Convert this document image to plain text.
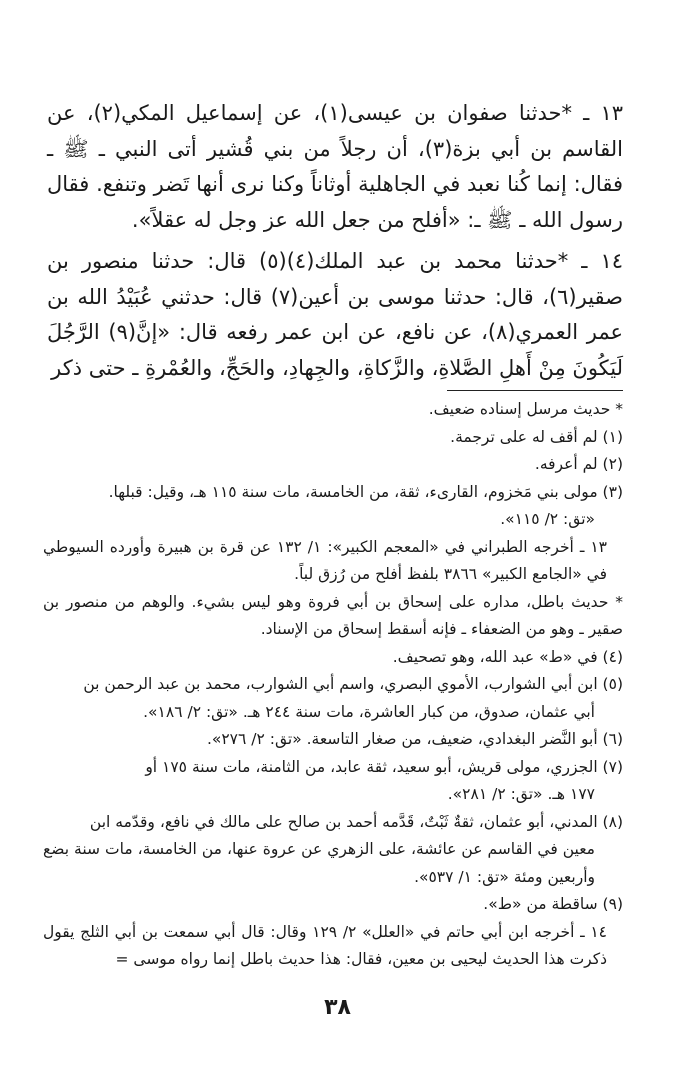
١٣ ـ *حدثنا صفوان بن عيسى(١)، عن إسماعيل المكي(٢)، عن القاسم بن أبي بزة(٣)، أن رجلاً من بني قُشير أتى النبي ـ ﷺ ـ فقال: إنما كُنا نعبد في الجاهلية أوثاناً وكنا نرى أنها تَضر وتنفع. فقال رسول الله ـ ﷺ ـ: «أفلح من جعل الله عز وجل له عقلاً».

١٤ ـ *حدثنا محمد بن عبد الملك(٤)(٥) قال: حدثنا منصور بن صقير(٦)، قال: حدثنا موسى بن أعين(٧) قال: حدثني عُبَيْدُ الله بن عمر العمري(٨)، عن نافع، عن ابن عمر رفعه قال: «إنَّ(٩) الرَّجُلَ لَيَكُونَ مِنْ أَهلِ الصَّلاةِ، والزَّكاةِ، والجِهادِ، والحَجِّ، والعُمْرةِ ـ حتى ذكر

* حديث مرسل إسناده ضعيف.

(١) لم أقف له على ترجمة.

(٢) لم أعرفه.

(٣) مولى بني مَخزوم، القارىء، ثقة، من الخامسة، مات سنة ١١٥ هـ، وقيل: قبلها.

«تق: ٢/ ١١٥».

١٣ ـ أخرجه الطبراني في «المعجم الكبير»: ١/ ١٣٢ عن قرة بن هبيرة وأورده السيوطي في «الجامع الكبير» ٣٨٦٦ بلفظ أفلح من رُزق لباً.

* حديث باطل، مداره على إسحاق بن أبي فروة وهو ليس بشيء. والوهم من منصور بن صقير ـ وهو من الضعفاء ـ فإنه أسقط إسحاق من الإسناد.

(٤) في «ط» عبد الله، وهو تصحيف.

(٥) ابن أبي الشوارب، الأموي البصري، واسم أبي الشوارب، محمد بن عبد الرحمن بن

أبي عثمان، صدوق، من كبار العاشرة، مات سنة ٢٤٤ هـ. «تق: ٢/ ١٨٦».

(٦) أبو النَّضر البغدادي، ضعيف، من صغار التاسعة. «تق: ٢/ ٢٧٦».

(٧) الجزري، مولى قريش، أبو سعيد، ثقة عابد، من الثامنة، مات سنة ١٧٥ أو

١٧٧ هـ. «تق: ٢/ ٢٨١».

(٨) المدني، أبو عثمان، ثقةٌ ثَبْتٌ، قَدَّمه أحمد بن صالح على مالك في نافع، وقدّمه ابن

معين في القاسم عن عائشة، على الزهري عن عروة عنها، من الخامسة، مات سنة بضع وأربعين ومئة «تق: ١/ ٥٣٧».

(٩) ساقطة من «ط».

١٤ ـ أخرجه ابن أبي حاتم في «العلل» ٢/ ١٢٩ وقال: قال أبي سمعت بن أبي الثلج يقول ذكرت هذا الحديث ليحيى بن معين، فقال: هذا حديث باطل إنما رواه موسى =

٣٨
